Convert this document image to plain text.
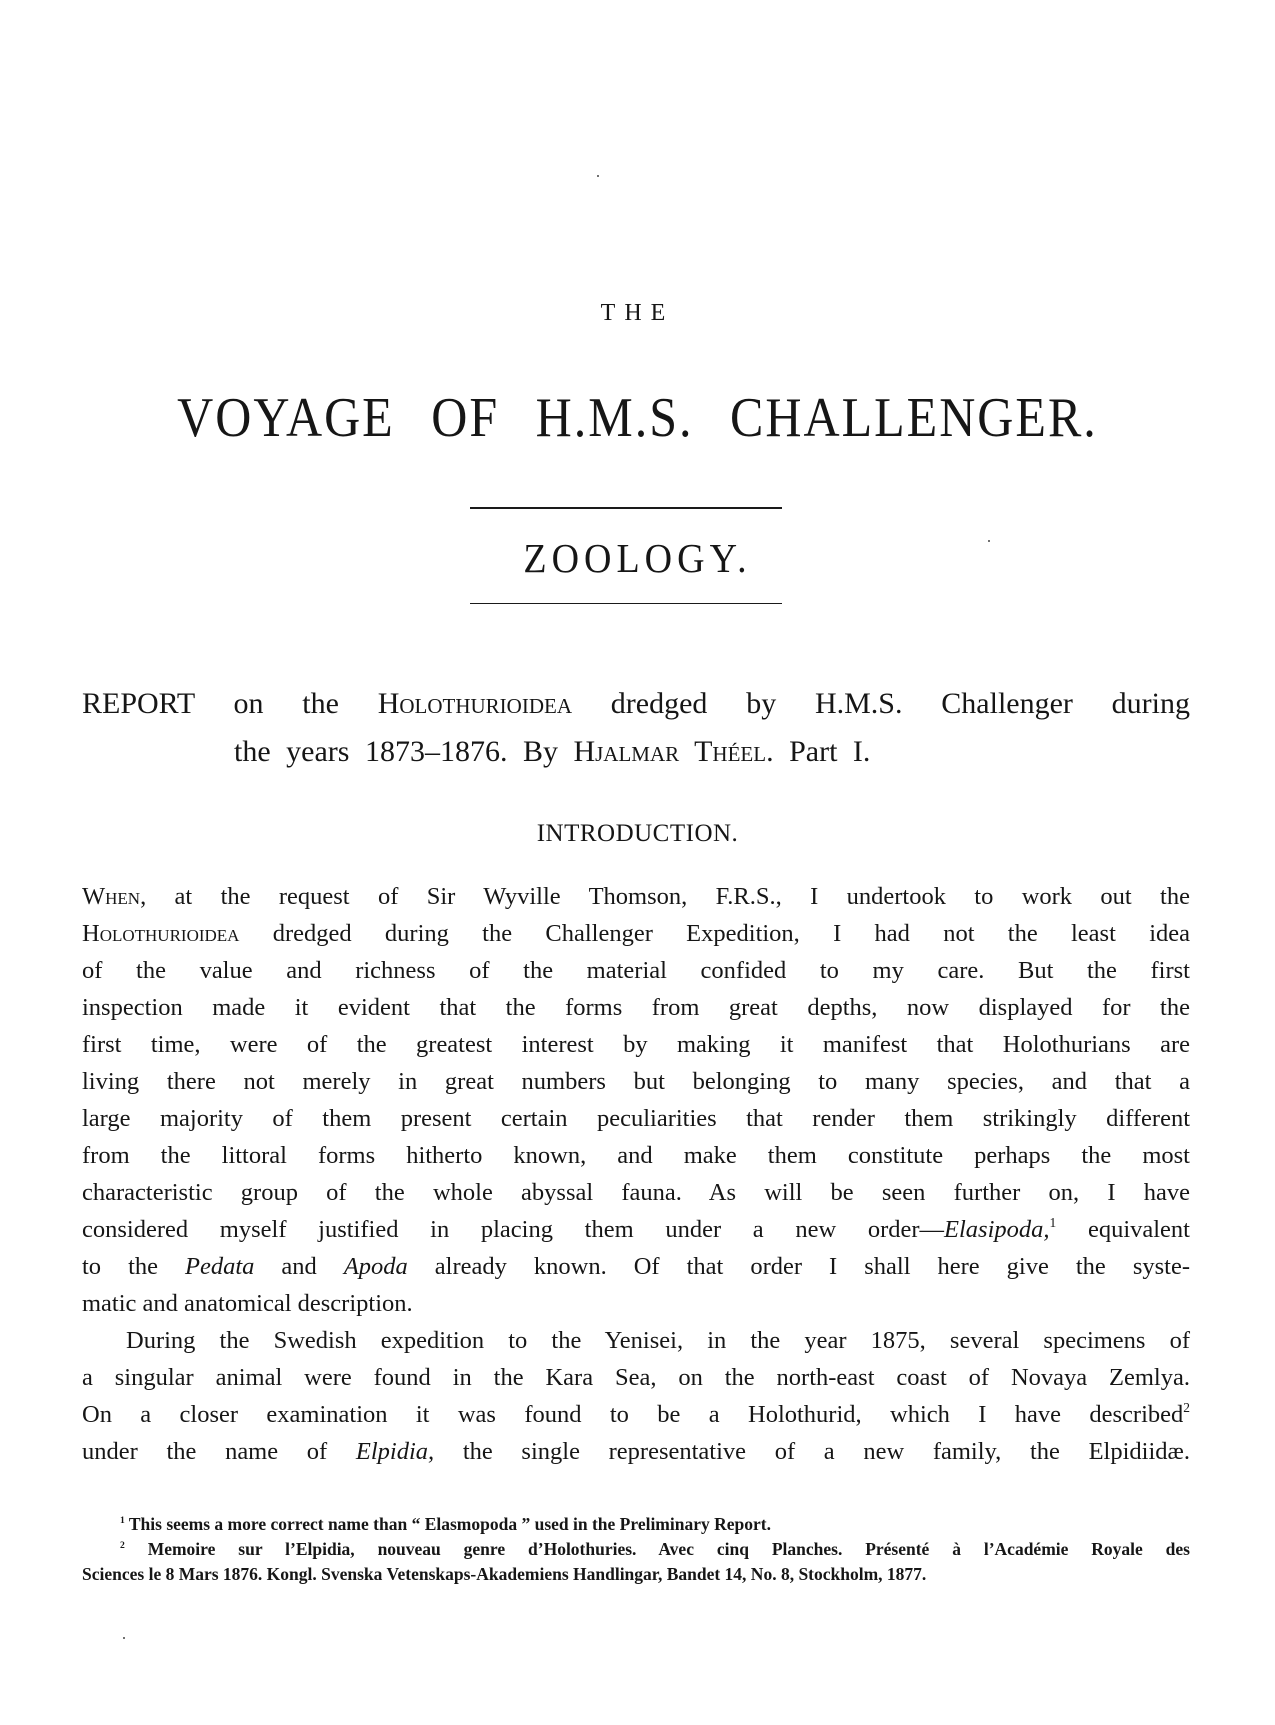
THE
VOYAGE OF H.M.S. CHALLENGER.
ZOOLOGY.
REPORT on the Holothurioidea dredged by H.M.S. Challenger during
the years 1873–1876. By Hjalmar Théel. Part I.
INTRODUCTION.
When, at the request of Sir Wyville Thomson, F.R.S., I undertook to work out the
Holothurioidea dredged during the Challenger Expedition, I had not the least idea
of the value and richness of the material confided to my care. But the first
inspection made it evident that the forms from great depths, now displayed for the
first time, were of the greatest interest by making it manifest that Holothurians are
living there not merely in great numbers but belonging to many species, and that a
large majority of them present certain peculiarities that render them strikingly different
from the littoral forms hitherto known, and make them constitute perhaps the most
characteristic group of the whole abyssal fauna. As will be seen further on, I have
considered myself justified in placing them under a new order—Elasipoda,$^1$ equivalent
to the Pedata and Apoda already known. Of that order I shall here give the syste-
matic and anatomical description.
During the Swedish expedition to the Yenisei, in the year 1875, several specimens of
a singular animal were found in the Kara Sea, on the north-east coast of Novaya Zemlya.
On a closer examination it was found to be a Holothurid, which I have described$^2$
under the name of Elpidia, the single representative of a new family, the Elpidiidæ.
$^1$ This seems a more correct name than “ Elasmopoda ” used in the Preliminary Report.
$^2$ Memoire sur l’Elpidia, nouveau genre d’Holothuries. Avec cinq Planches. Présenté à l’Académie Royale des
Sciences le 8 Mars 1876. Kongl. Svenska Vetenskaps-Akademiens Handlingar, Bandet 14, No. 8, Stockholm, 1877.
